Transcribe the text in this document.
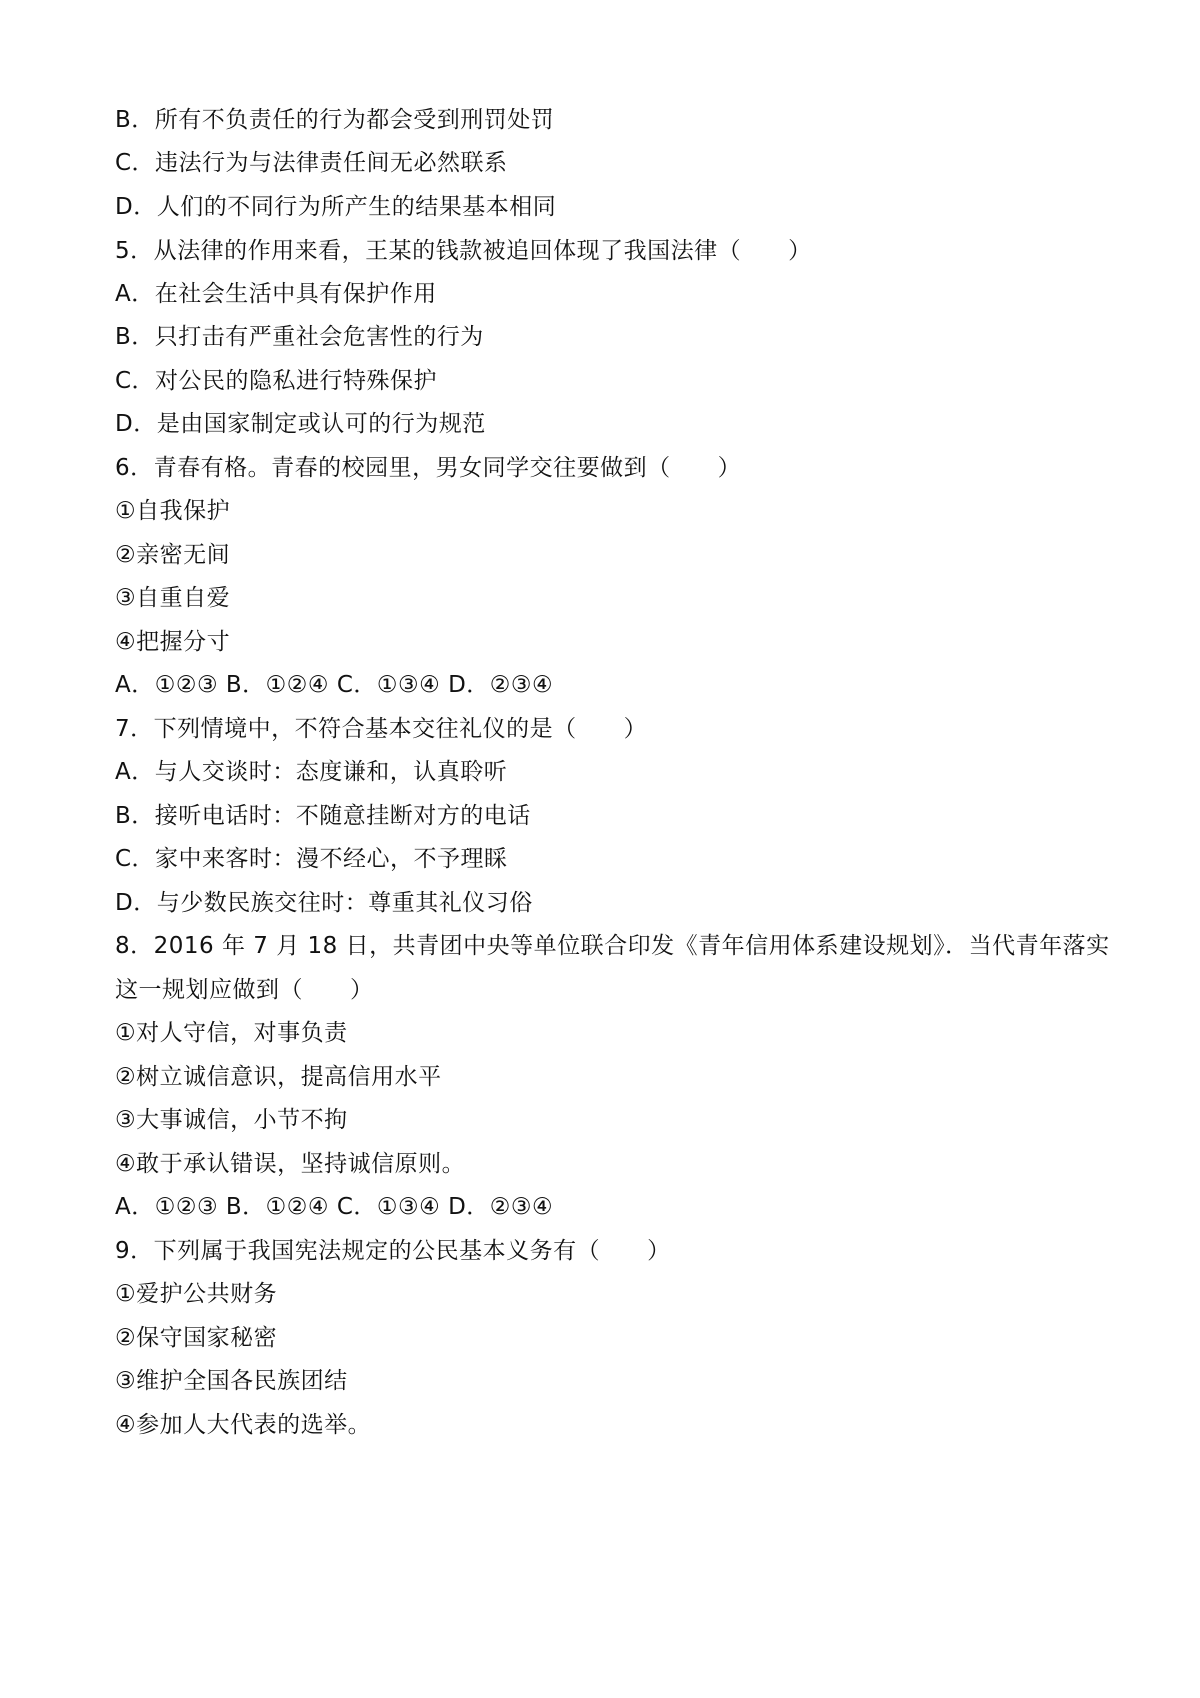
B．所有不负责任的行为都会受到刑罚处罚
C．违法行为与法律责任间无必然联系
D．人们的不同行为所产生的结果基本相同
5．从法律的作用来看，王某的钱款被追回体现了我国法律（　　）
A．在社会生活中具有保护作用
B．只打击有严重社会危害性的行为
C．对公民的隐私进行特殊保护
D．是由国家制定或认可的行为规范
6．青春有格。青春的校园里，男女同学交往要做到（　　）
①自我保护
②亲密无间
③自重自爱
④把握分寸
A．①②③ B．①②④ C．①③④ D．②③④
7．下列情境中，不符合基本交往礼仪的是（　　）
A．与人交谈时：态度谦和，认真聆听
B．接听电话时：不随意挂断对方的电话
C．家中来客时：漫不经心，不予理睬
D．与少数民族交往时：尊重其礼仪习俗
8．2016 年 7 月 18 日，共青团中央等单位联合印发《青年信用体系建设规划》．当代青年落实
这一规划应做到（　　）
①对人守信，对事负责
②树立诚信意识，提高信用水平
③大事诚信，小节不拘
④敢于承认错误，坚持诚信原则。
A．①②③ B．①②④ C．①③④ D．②③④
9．下列属于我国宪法规定的公民基本义务有（　　）
①爱护公共财务
②保守国家秘密
③维护全国各民族团结
④参加人大代表的选举。
